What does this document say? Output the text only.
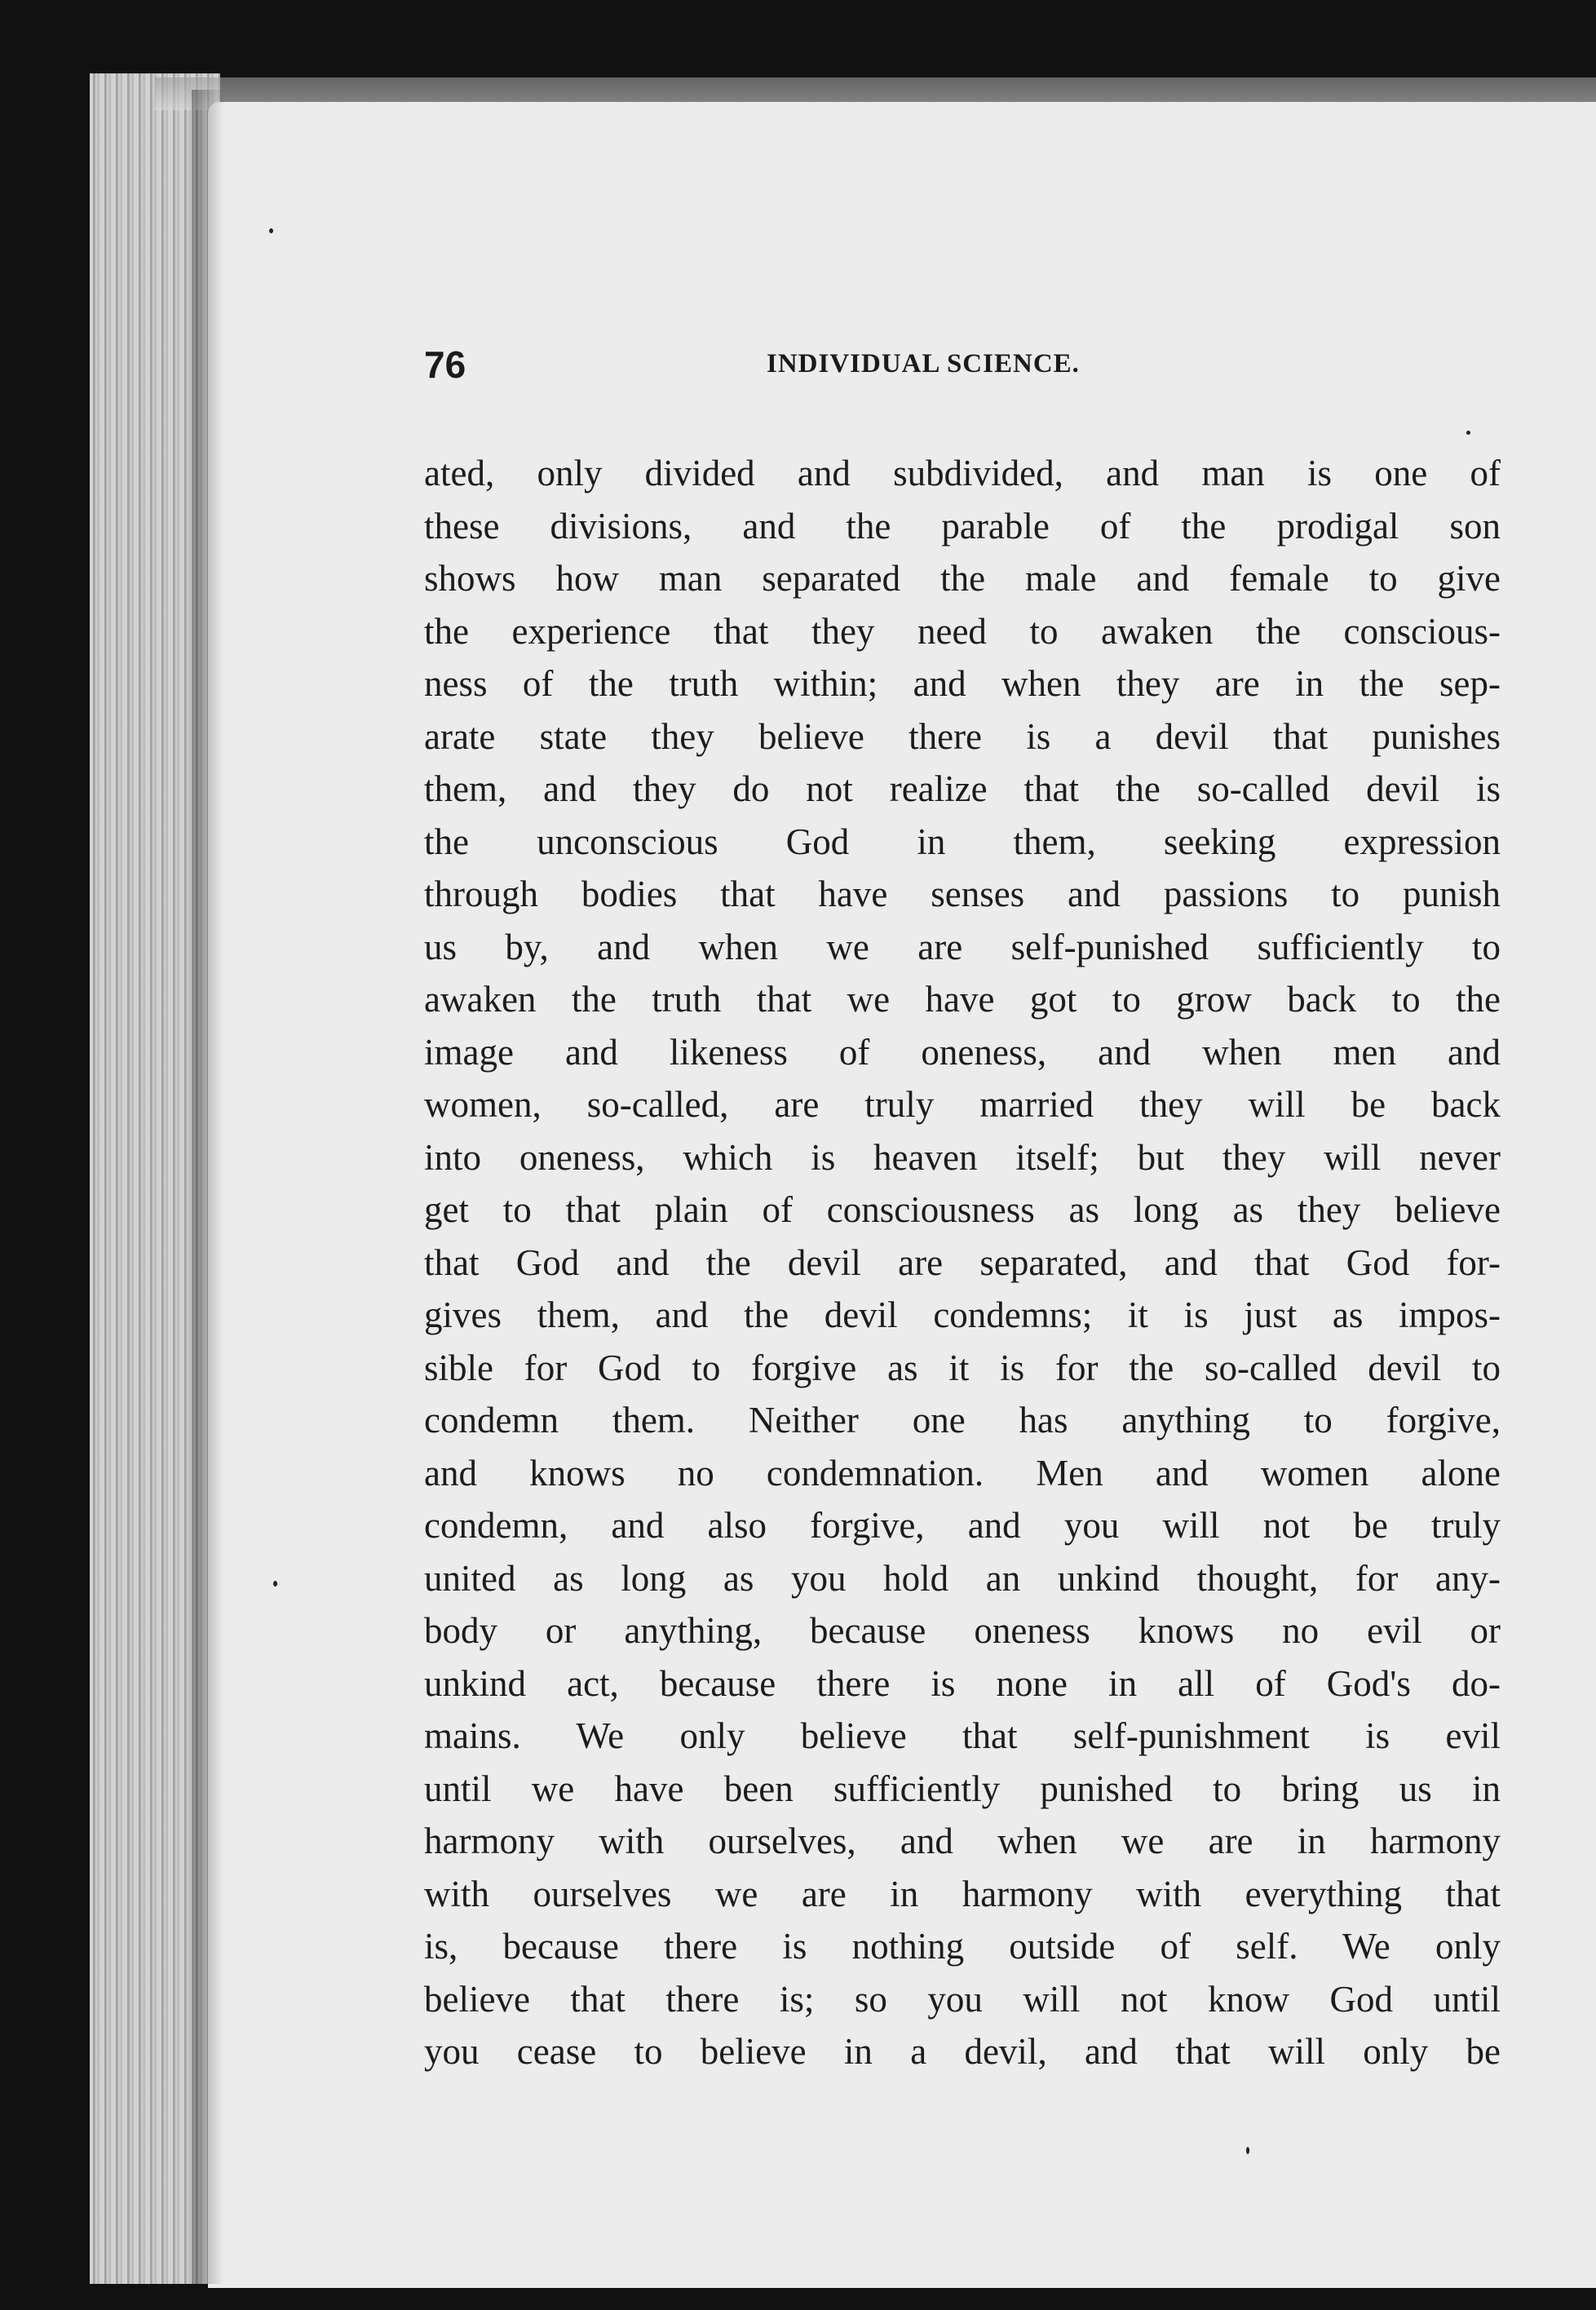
76	INDIVIDUAL SCIENCE.
ated, only divided and subdivided, and man is one of
these divisions, and the parable of the prodigal son
shows how man separated the male and female to give
the experience that they need to awaken the conscious-
ness of the truth within; and when they are in the sep-
arate state they believe there is a devil that punishes
them, and they do not realize that the so-called devil is
the unconscious God in them, seeking expression
through bodies that have senses and passions to punish
us by, and when we are self-punished sufficiently to
awaken the truth that we have got to grow back to the
image and likeness of oneness, and when men and
women, so-called, are truly married they will be back
into oneness, which is heaven itself; but they will never
get to that plain of consciousness as long as they believe
that God and the devil are separated, and that God for-
gives them, and the devil condemns; it is just as impos-
sible for God to forgive as it is for the so-called devil to
condemn them. Neither one has anything to forgive,
and knows no condemnation. Men and women alone
condemn, and also forgive, and you will not be truly
united as long as you hold an unkind thought, for any-
body or anything, because oneness knows no evil or
unkind act, because there is none in all of God's do-
mains. We only believe that self-punishment is evil
until we have been sufficiently punished to bring us in
harmony with ourselves, and when we are in harmony
with ourselves we are in harmony with everything that
is, because there is nothing outside of self. We only
believe that there is; so you will not know God until
you cease to believe in a devil, and that will only be
